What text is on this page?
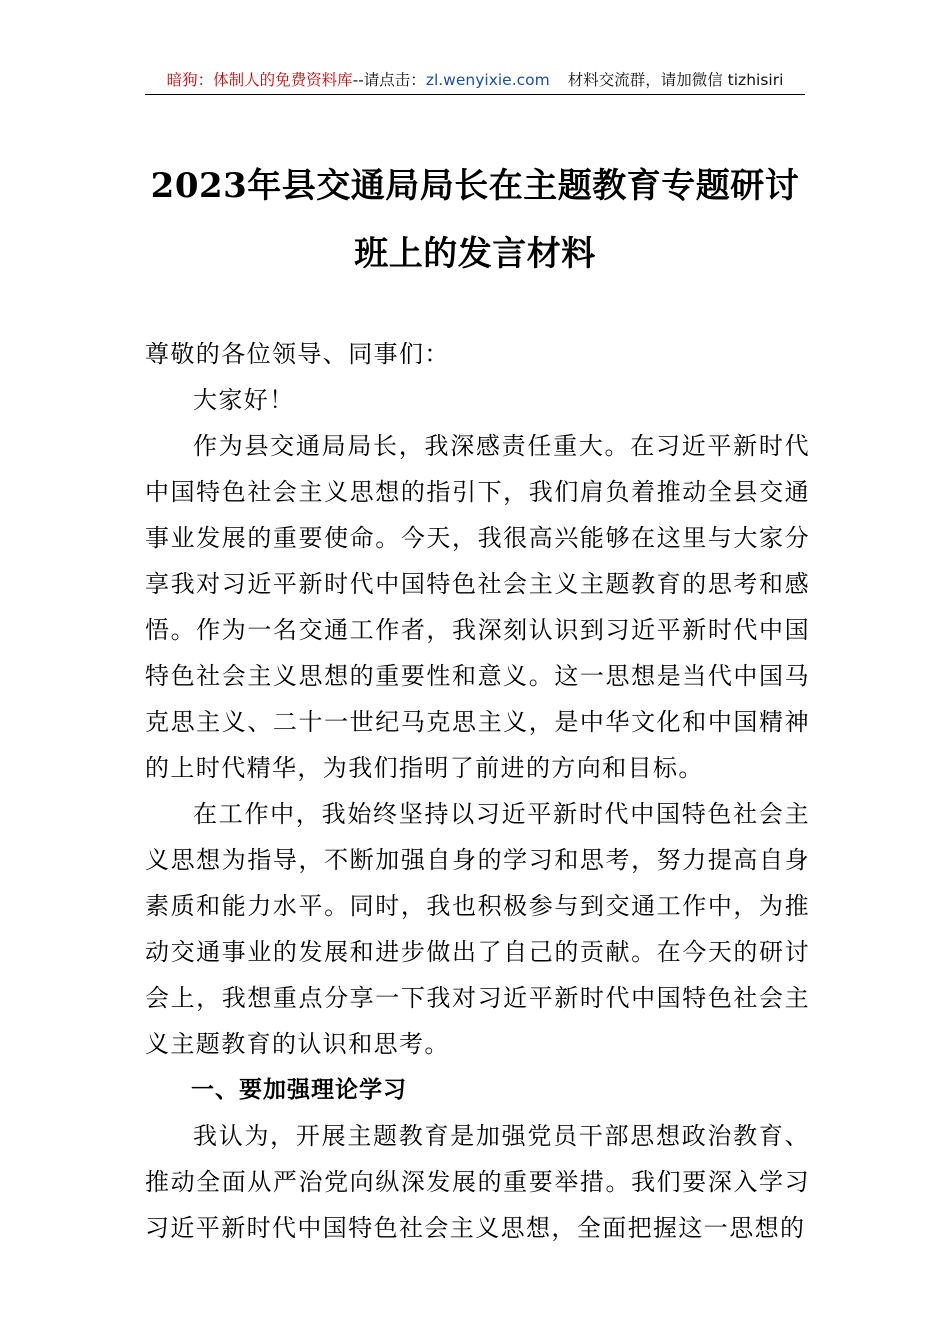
暗狗：体制人的免费资料库 --请点击： zl.wenyixie.com 材料交流群，请加微信 tizhisiri
2023年县交通局局长在主题教育专题研讨
班上的发言材料

尊敬的各位领导、同事们：

大家好！

作为县交通局局长，我深感责任重大。在习近平新时代中国特色社会主义思想的指引下，我们肩负着推动全县交通事业发展的重要使命。今天，我很高兴能够在这里与大家分享我对习近平新时代中国特色社会主义主题教育的思考和感悟。作为一名交通工作者，我深刻认识到习近平新时代中国特色社会主义思想的重要性和意义。这一思想是当代中国马克思主义、二十一世纪马克思主义，是中华文化和中国精神的上时代精华，为我们指明了前进的方向和目标。

在工作中，我始终坚持以习近平新时代中国特色社会主义思想为指导，不断加强自身的学习和思考，努力提高自身素质和能力水平。同时，我也积极参与到交通工作中，为推动交通事业的发展和进步做出了自己的贡献。在今天的研讨会上，我想重点分享一下我对习近平新时代中国特色社会主义主题教育的认识和思考。

一、要加强理论学习

我认为，开展主题教育是加强党员干部思想政治教育、推动全面从严治党向纵深发展的重要举措。我们要深入学习习近平新时代中国特色社会主义思想，全面把握这一思想的
